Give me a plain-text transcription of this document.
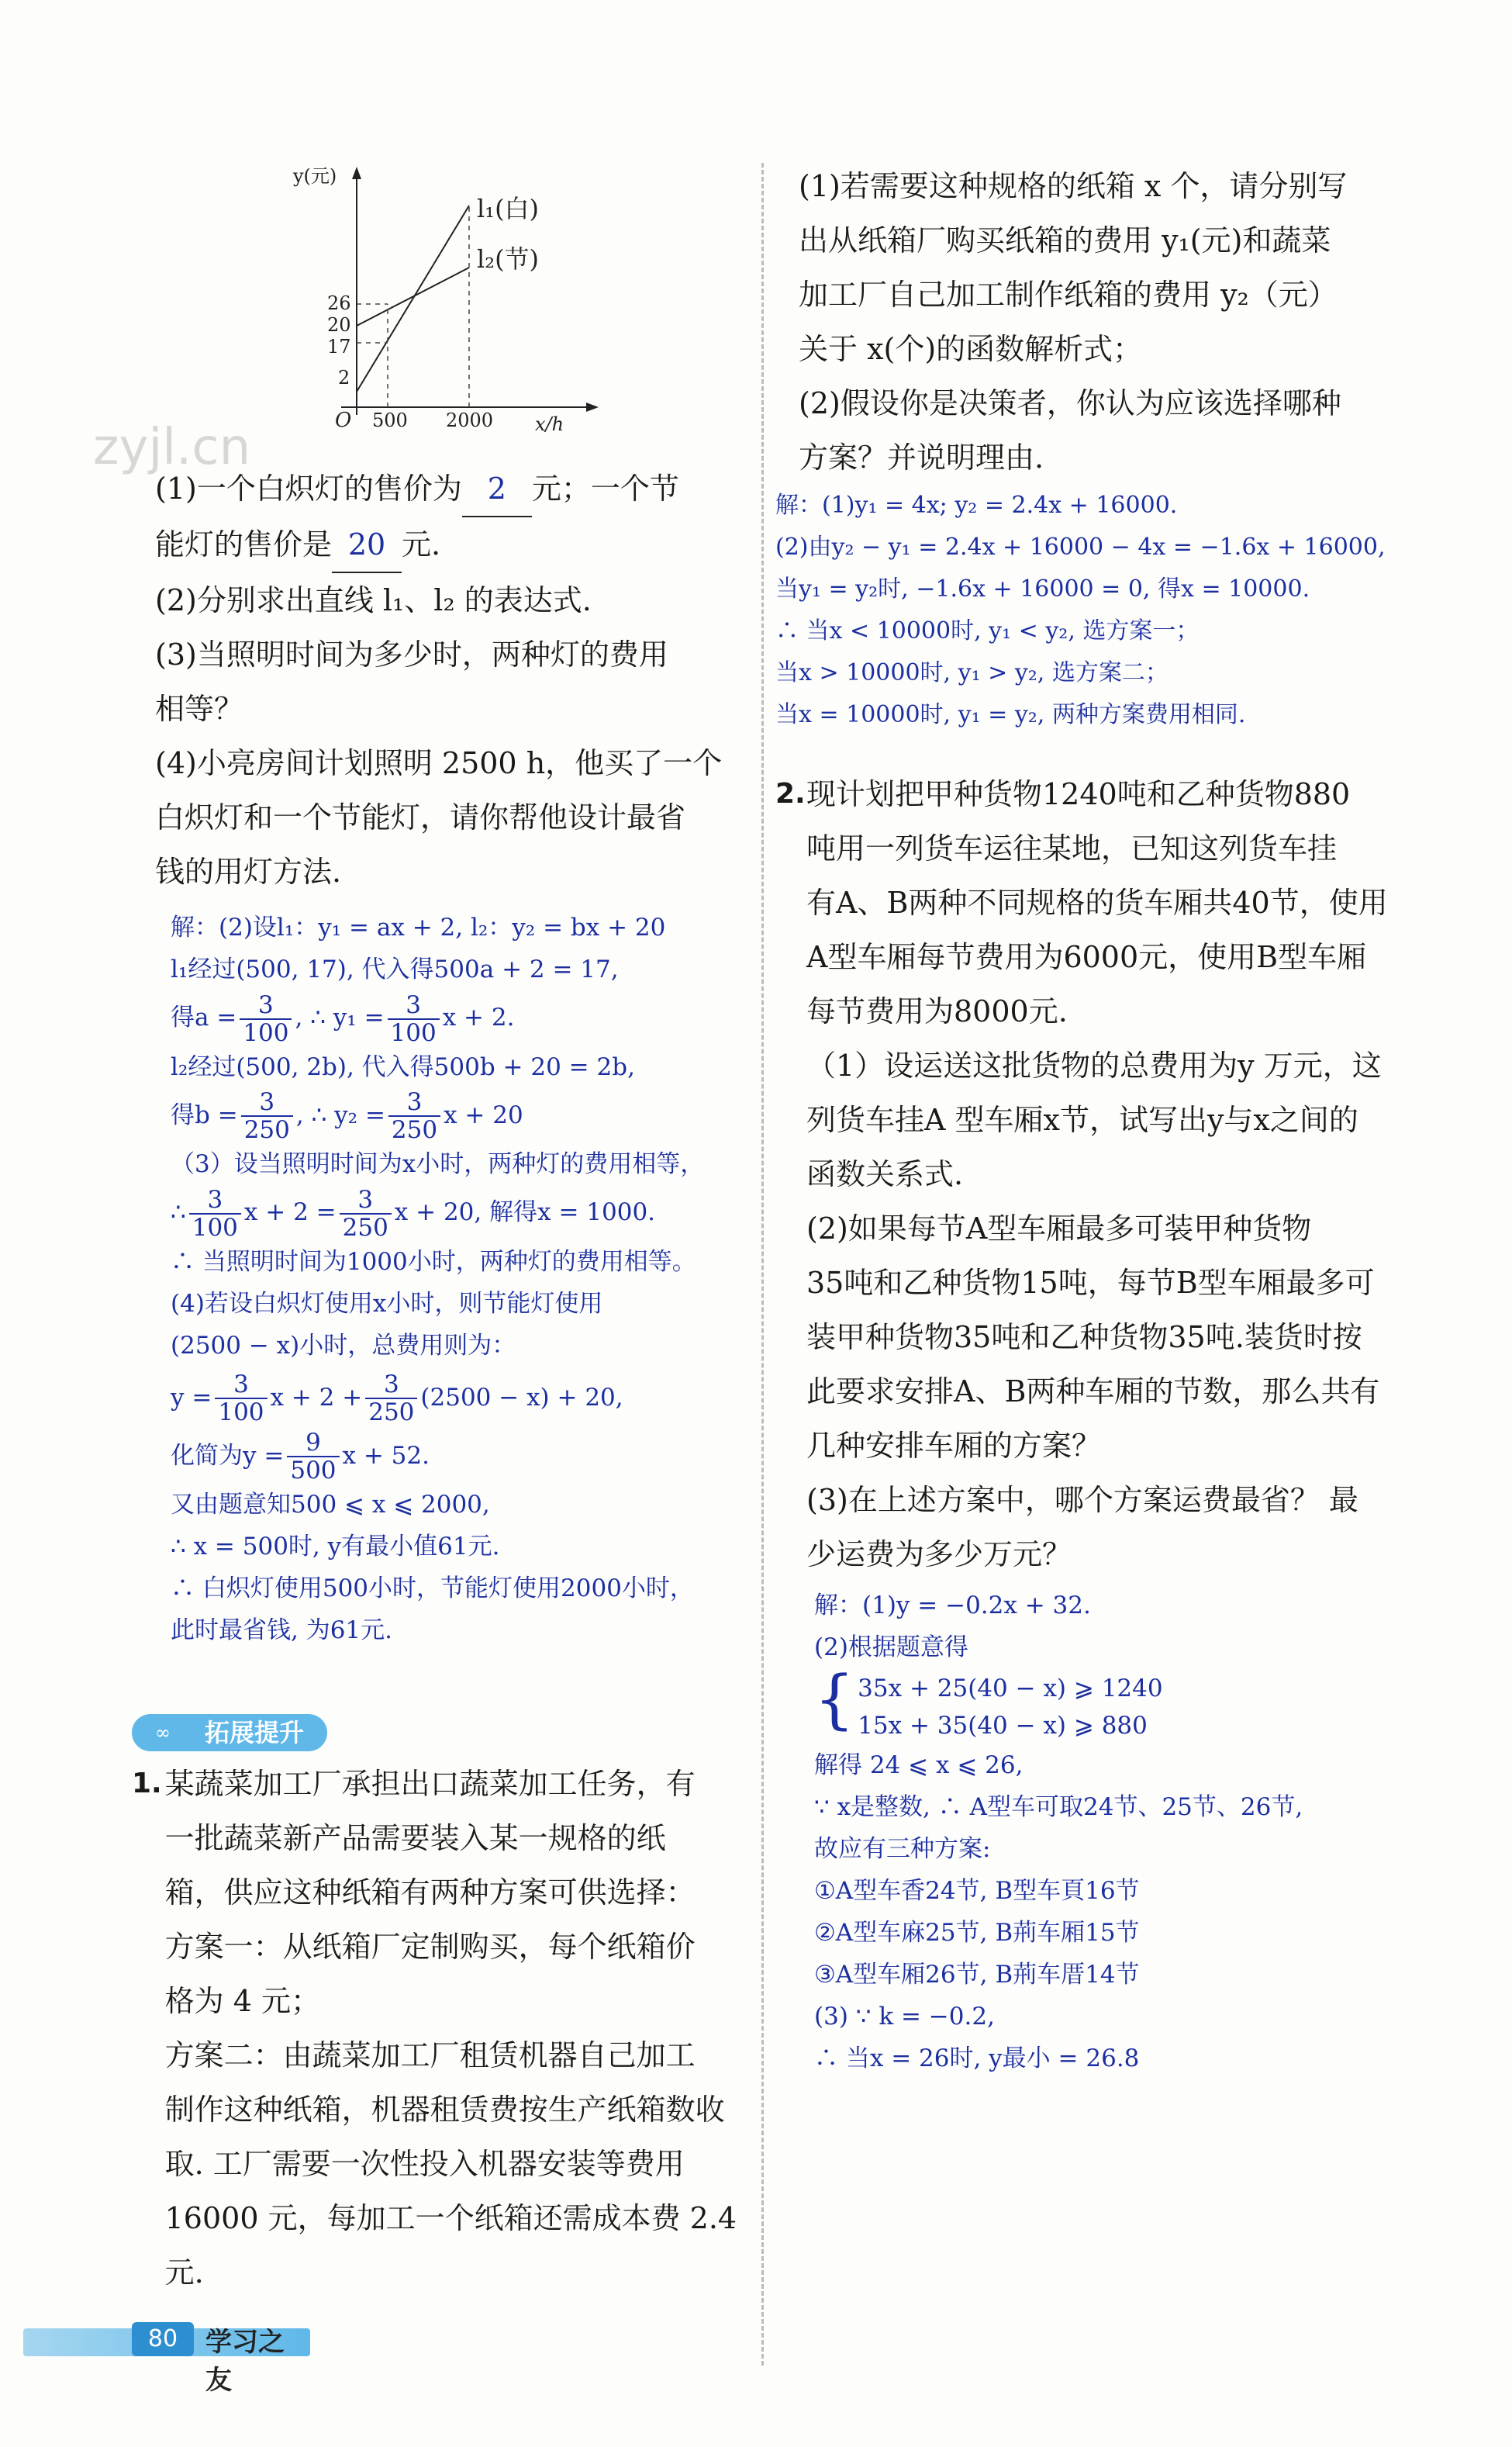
y(元)
x/h
O
l₁(白)
l₂(节)
26
20
17
2
500 2000
zyjl.cn

(1)一个白炽灯的售价为 2 元；一个节

能灯的售价是 20 元.

(2)分别求出直线 l₁、l₂ 的表达式.

(3)当照明时间为多少时，两种灯的费用

相等？

(4)小亮房间计划照明 2500 h，他买了一个

白炽灯和一个节能灯，请你帮他设计最省

钱的用灯方法.

解：(2)设l₁：y₁ = ax + 2, l₂：y₂ = bx + 20

l₁经过(500, 17), 代入得500a + 2 = 17,

得$a = \frac{3}{100}$ , ∴ $y_1 = \frac{3}{100}$ x + 2.

l₂经过(500, 2b), 代入得500b + 20 = 2b,

得$b = \frac{3}{250}$ , ∴ $y_2 = \frac{3}{250}$ x + 20

（3）设当照明时间为x小时，两种灯的费用相等，

∴ $\frac{3}{100}$ $x + 2 = \frac{3}{250}$ x + 20, 解得x = 1000.

∴ 当照明时间为1000小时，两种灯的费用相等。

(4)若设白炽灯使用x小时，则节能灯使用

(2500 − x)小时，总费用则为：

$y = \frac{3}{100}$ $x + 2 + \frac{3}{250} (2500 - x) + 20$,

化简为$y = \frac{9}{500}$ x + 52.

又由题意知500 ⩽ x ⩽ 2000,

∴ x = 500时, y有最小值61元.

∴ 白炽灯使用500小时，节能灯使用2000小时，

此时最省钱, 为61元.

∞	拓展提升
1. 某蔬菜加工厂承担出口蔬菜加工任务，有

一批蔬菜新产品需要装入某一规格的纸

箱，供应这种纸箱有两种方案可供选择：

方案一：从纸箱厂定制购买，每个纸箱价

格为 4 元；

方案二：由蔬菜加工厂租赁机器自己加工

制作这种纸箱，机器租赁费按生产纸箱数收

取. 工厂需要一次性投入机器安装等费用

16000 元，每加工一个纸箱还需成本费 2.4 元.

(1)若需要这种规格的纸箱 x 个，请分别写

出从纸箱厂购买纸箱的费用 y₁(元)和蔬菜

加工厂自己加工制作纸箱的费用 y₂（元）

关于 x(个)的函数解析式；

(2)假设你是决策者，你认为应该选择哪种

方案？并说明理由.

解：(1)y₁ = 4x; y₂ = 2.4x + 16000.

(2)由y₂ − y₁ = 2.4x + 16000 − 4x = −1.6x + 16000,

当y₁ = y₂时, −1.6x + 16000 = 0, 得x = 10000.

∴ 当x < 10000时, y₁ < y₂, 选方案一；

当x > 10000时, y₁ > y₂, 选方案二；

当x = 10000时, y₁ = y₂, 两种方案费用相同.

2. 现计划把甲种货物1240吨和乙种货物880

吨用一列货车运往某地，已知这列货车挂

有A、B两种不同规格的货车厢共40节，使用

A型车厢每节费用为6000元，使用B型车厢

每节费用为8000元.

（1）设运送这批货物的总费用为y 万元，这

列货车挂A 型车厢x节，试写出y与x之间的

函数关系式.

(2)如果每节A型车厢最多可装甲种货物

35吨和乙种货物15吨，每节B型车厢最多可

装甲种货物35吨和乙种货物35吨.装货时按

此要求安排A、B两种车厢的节数，那么共有

几种安排车厢的方案？

(3)在上述方案中，哪个方案运费最省？ 最

少运费为多少万元？

解：(1)y = −0.2x + 32.

(2)根据题意得

{ 35x + 25(40 − x) ⩾ 1240

15x + 35(40 − x) ⩾ 880

解得 24 ⩽ x ⩽ 26,

∵ x是整数, ∴ A型车可取24节、25节、26节,

故应有三种方案:

①A型车香24节, B型车頁16节

②A型车麻25节, B荊车厢15节

③A型车厢26节, B荊车厝14节

(3) ∵ k = −0.2,

∴ 当x = 26时, y最小 = 26.8

80	学习之友
